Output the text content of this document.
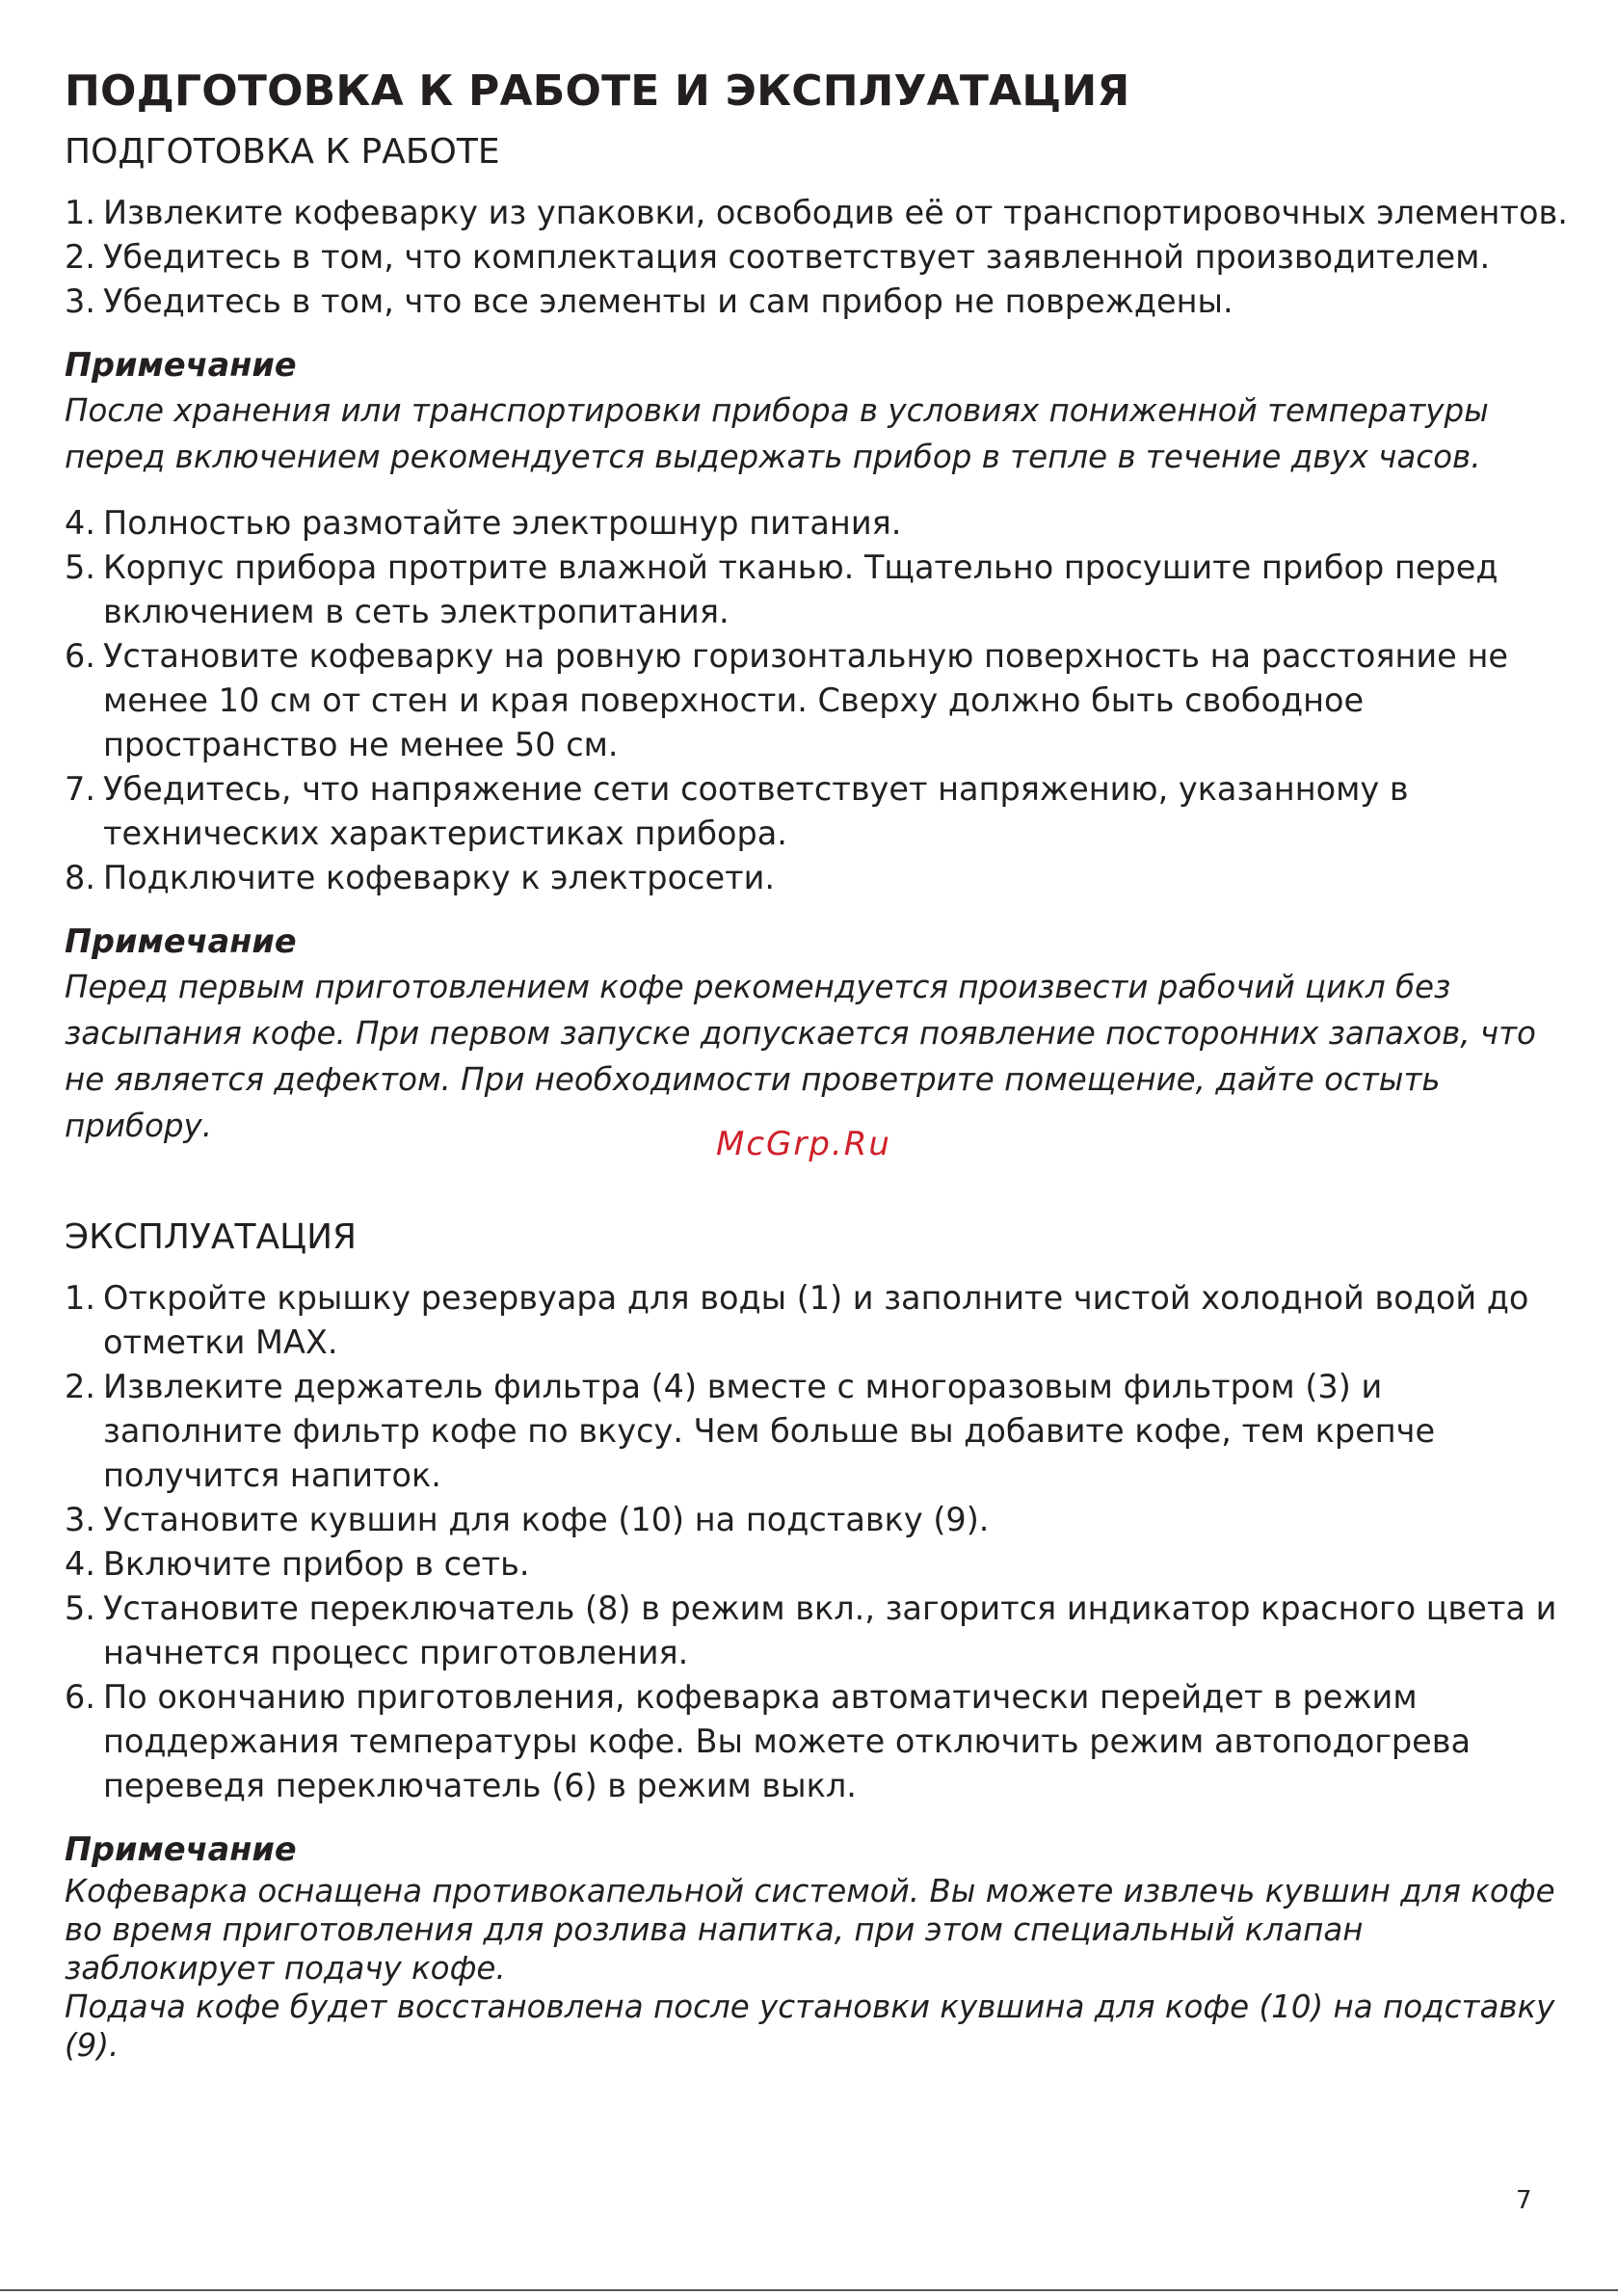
ПОДГОТОВКА К РАБОТЕ И ЭКСПЛУАТАЦИЯ
ПОДГОТОВКА К РАБОТЕ
1. Извлеките кофеварку из упаковки, освободив её от транспортировочных элементов.
2. Убедитесь в том, что комплектация соответствует заявленной производителем.
3. Убедитесь в том, что все элементы и сам прибор не повреждены.
Примечание
После хранения или транспортировки прибора в условиях пониженной температуры перед включением рекомендуется выдержать прибор в тепле в течение двух часов.
4. Полностью размотайте электрошнур питания.
5. Корпус прибора протрите влажной тканью. Тщательно просушите прибор перед включением в сеть электропитания.
6. Установите кофеварку на ровную горизонтальную поверхность на расстояние не менее 10 см от стен и края поверхности. Сверху должно быть свободное пространство не менее 50 см.
7. Убедитесь, что напряжение сети соответствует напряжению, указанному в технических характеристиках прибора.
8. Подключите кофеварку к электросети.
Примечание
Перед первым приготовлением кофе рекомендуется произвести рабочий цикл без засыпания кофе. При первом запуске допускается появление посторонних запахов, что не является дефектом. При необходимости проветрите помещение, дайте остыть прибору.
ЭКСПЛУАТАЦИЯ
1. Откройте крышку резервуара для воды (1) и заполните чистой холодной водой до отметки MAX.
2. Извлеките держатель фильтра (4) вместе с многоразовым фильтром (3) и заполните фильтр кофе по вкусу. Чем больше вы добавите кофе, тем крепче получится напиток.
3. Установите кувшин для кофе (10) на подставку (9).
4. Включите прибор в сеть.
5. Установите переключатель (8) в режим вкл., загорится индикатор красного цвета и начнется процесс приготовления.
6. По окончанию приготовления, кофеварка автоматически перейдет в режим поддержания температуры кофе. Вы можете отключить режим автоподогрева переведя переключатель (6) в режим выкл.
Примечание
Кофеварка оснащена противокапельной системой. Вы можете извлечь кувшин для кофе во время приготовления для розлива напитка, при этом специальный клапан заблокирует подачу кофе.
Подача кофе будет восстановлена после установки кувшина для кофе (10) на подставку (9).
McGrp.Ru
7
